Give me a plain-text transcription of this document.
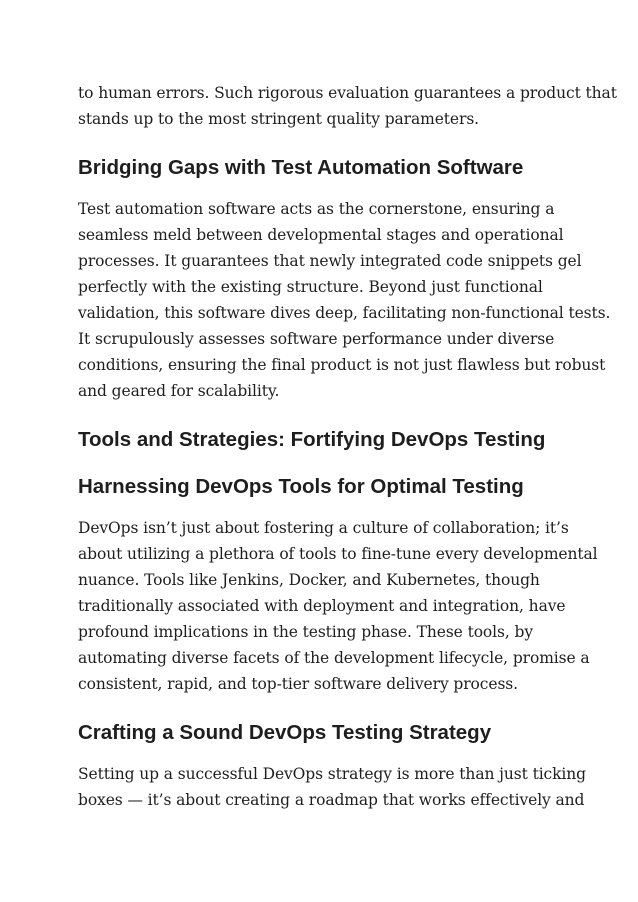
to human errors. Such rigorous evaluation guarantees a product that
stands up to the most stringent quality parameters.

Bridging Gaps with Test Automation Software

Test automation software acts as the cornerstone, ensuring a
seamless meld between developmental stages and operational
processes. It guarantees that newly integrated code snippets gel
perfectly with the existing structure. Beyond just functional
validation, this software dives deep, facilitating non-functional tests.
It scrupulously assesses software performance under diverse
conditions, ensuring the final product is not just flawless but robust
and geared for scalability.

Tools and Strategies: Fortifying DevOps Testing
Harnessing DevOps Tools for Optimal Testing

DevOps isn’t just about fostering a culture of collaboration; it’s
about utilizing a plethora of tools to fine-tune every developmental
nuance. Tools like Jenkins, Docker, and Kubernetes, though
traditionally associated with deployment and integration, have
profound implications in the testing phase. These tools, by
automating diverse facets of the development lifecycle, promise a
consistent, rapid, and top-tier software delivery process.

Crafting a Sound DevOps Testing Strategy

Setting up a successful DevOps strategy is more than just ticking
boxes — it’s about creating a roadmap that works effectively and
